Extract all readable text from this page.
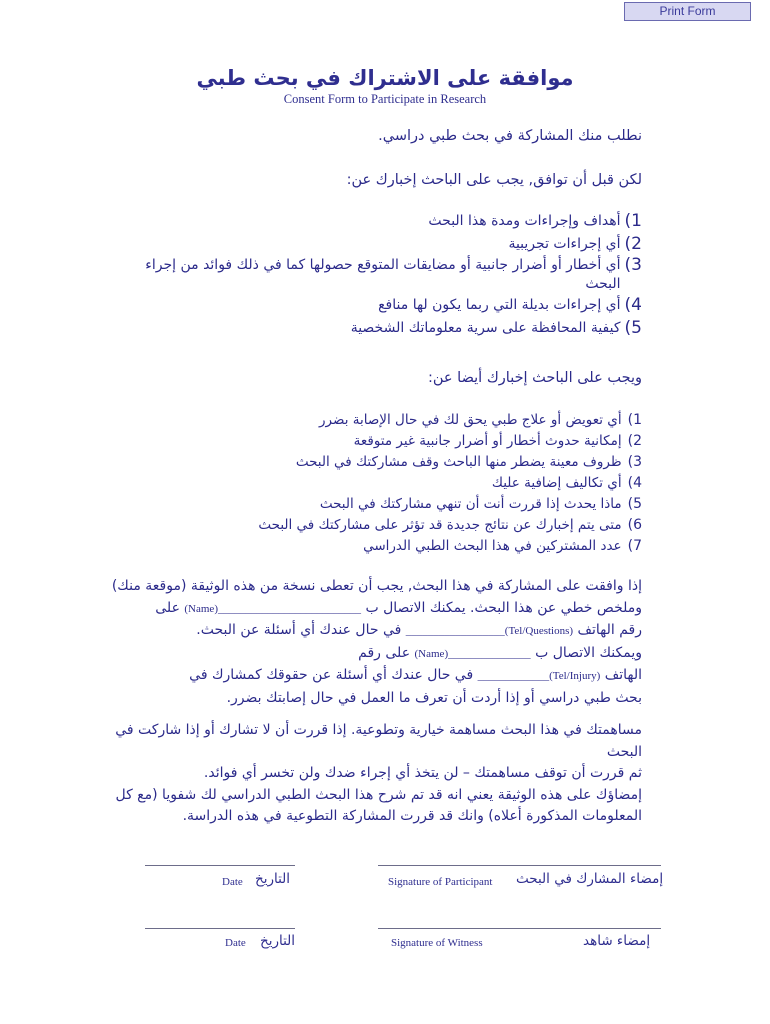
Print Form
موافقة على الاشتراك في بحث طبي
Consent Form to Participate in Research
نطلب منك المشاركة في بحث طبي دراسي.
لكن قبل أن توافق, يجب على الباحث إخبارك عن:
1)
أهداف وإجراءات ومدة هذا البحث
2)
أي إجراءات تجريبية
3)
أي أخطار أو أضرار جانبية أو مضايقات المتوقع حصولها كما في ذلك فوائد من إجراء البحث
4)
أي إجراءات بديلة التي ربما يكون لها منافع
5)
كيفية المحافظة على سرية معلوماتك الشخصية
ويجب على الباحث إخبارك أيضا عن:
1)أي تعويض أو علاج طبي يحق لك في حال الإصابة بضرر
2)إمكانية حدوث أخطار أو أضرار جانبية غير متوقعة
3)ظروف معينة يضطر منها الباحث وقف مشاركتك في البحث
4)أي تكاليف إضافية عليك
5)ماذا يحدث إذا قررت أنت أن تنهي مشاركتك في البحث
6)متى يتم إخبارك عن نتائج جديدة قد تؤثر على مشاركتك في البحث
7)عدد المشتركين في هذا البحث الطبي الدراسي
إذا وافقت على المشاركة في هذا البحث, يجب أن تعطى نسخة من هذه الوثيقة (موقعة منك)
وملخص خطي عن هذا البحث. يمكنك الاتصال ب (Name)__________________________ على
رقم الهاتف __________________(Tel/Questions) في حال عندك أي أسئلة عن البحث.
ويمكنك الاتصال ب (Name)_______________ على رقم
الهاتف _____________(Tel/Injury) في حال عندك أي أسئلة عن حقوقك كمشارك في
بحث طبي دراسي أو إذا أردت أن تعرف ما العمل في حال إصابتك بضرر.
مساهمتك في هذا البحث مساهمة خيارية وتطوعية. إذا قررت أن لا تشارك أو إذا شاركت في البحث
ثم قررت أن توقف مساهمتك – لن يتخذ أي إجراء ضدك ولن تخسر أي فوائد.
إمضاؤك على هذه الوثيقة يعني انه قد تم شرح هذا البحث الطبي الدراسي لك شفويا (مع كل
المعلومات المذكورة أعلاه) وانك قد قررت المشاركة التطوعية في هذه الدراسة.
Date التاريخ	Signature of Participant إمضاء المشارك في البحث
Date التاريخ	Signature of Witness	إمضاء شاهد
